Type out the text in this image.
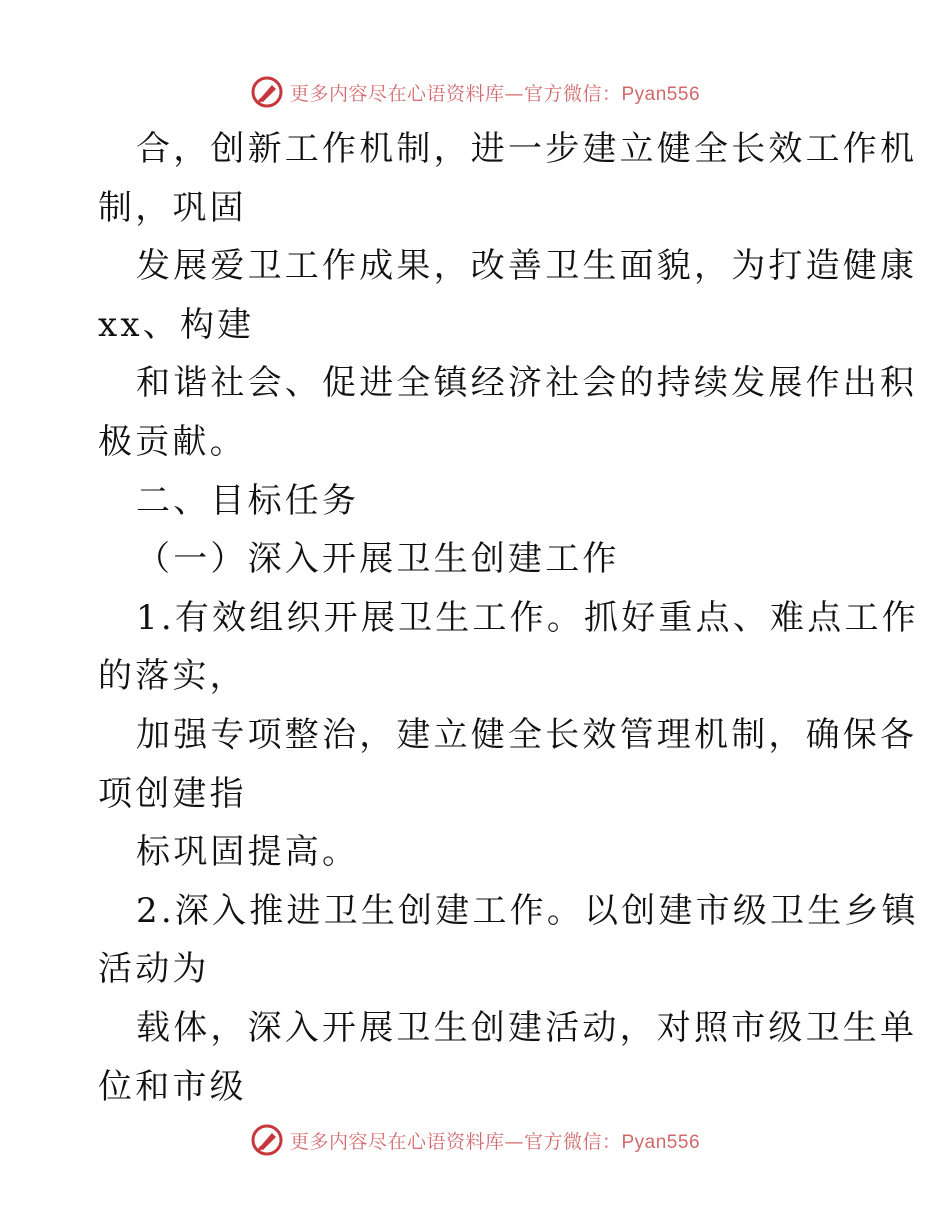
更多内容尽在心语资料库—官方微信：Pyan556
合，创新工作机制，进一步建立健全长效工作机
制，巩固
发展爱卫工作成果，改善卫生面貌，为打造健康
xx、构建
和谐社会、促进全镇经济社会的持续发展作出积
极贡献。
二、目标任务
（一）深入开展卫生创建工作
1.有效组织开展卫生工作。抓好重点、难点工作
的落实，
加强专项整治，建立健全长效管理机制，确保各
项创建指
标巩固提高。
2.深入推进卫生创建工作。以创建市级卫生乡镇
活动为
载体，深入开展卫生创建活动，对照市级卫生单
位和市级
更多内容尽在心语资料库—官方微信：Pyan556
